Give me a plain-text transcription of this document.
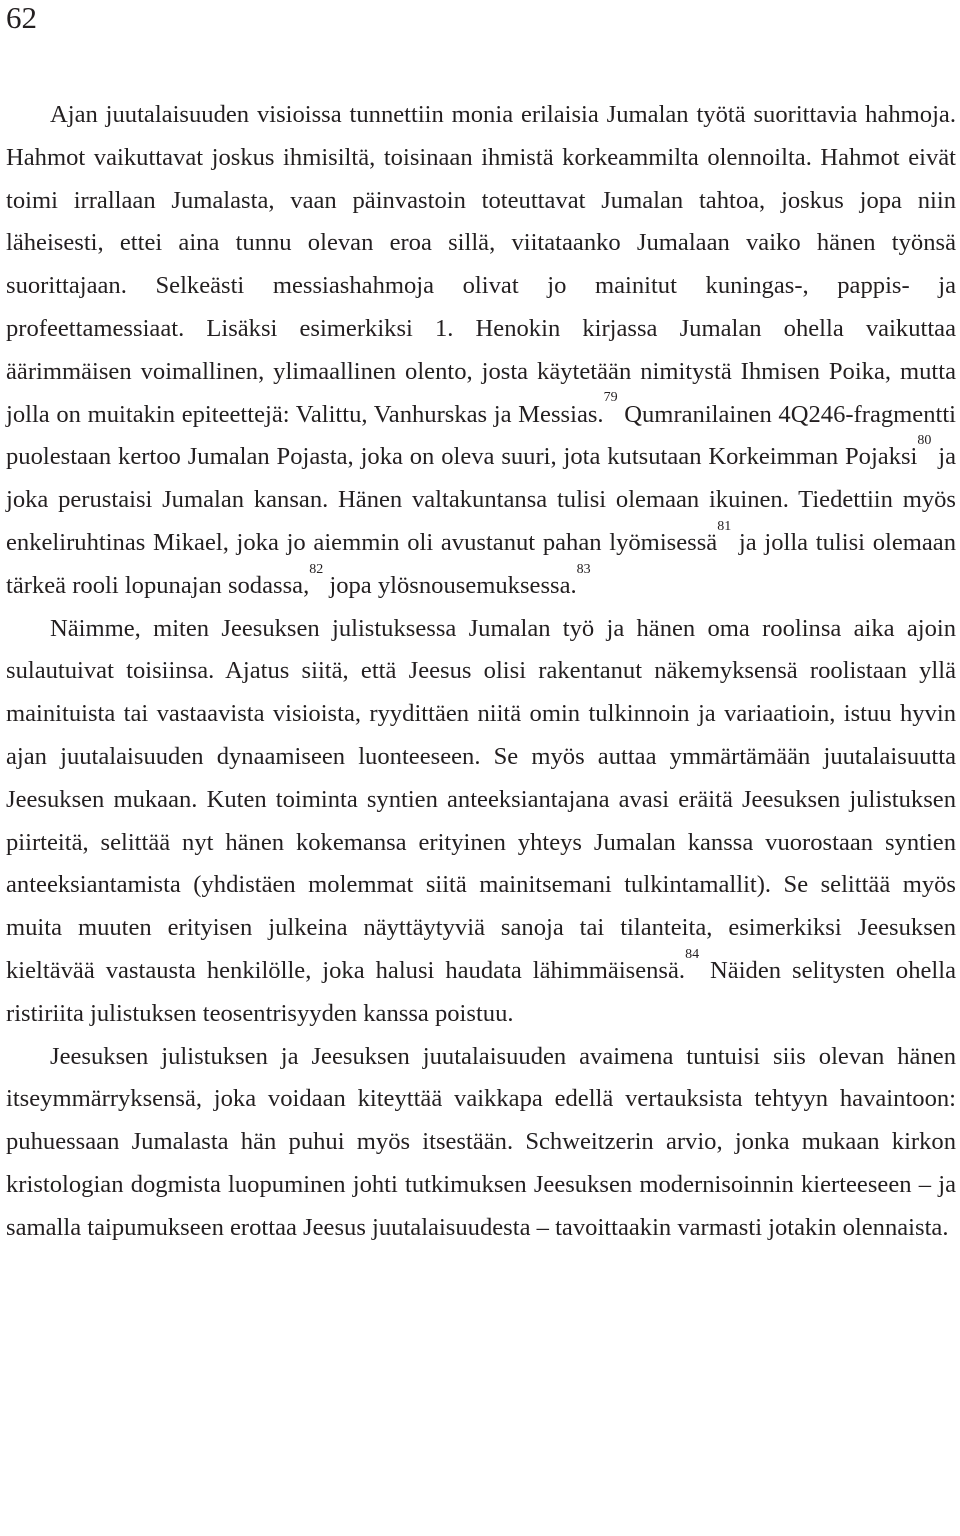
62

Ajan juutalaisuuden visioissa tunnettiin monia erilaisia Jumalan työtä suorittavia hahmoja. Hahmot vaikuttavat joskus ihmisiltä, toisinaan ihmistä korkeammilta olennoilta. Hahmot eivät toimi irrallaan Jumalasta, vaan päinvastoin toteuttavat Jumalan tahtoa, joskus jopa niin läheisesti, ettei aina tunnu olevan eroa sillä, viitataanko Jumalaan vaiko hänen työnsä suorittajaan. Selkeästi messiashahmoja olivat jo mainitut kuningas-, pappis- ja profeettamessiaat. Lisäksi esimerkiksi 1. Henokin kirjassa Jumalan ohella vaikuttaa äärimmäisen voimallinen, ylimaallinen olento, josta käytetään nimitystä Ihmisen Poika, mutta jolla on muitakin epiteettejä: Valittu, Vanhurskas ja Messias.$^{79}$ Qumranilainen 4Q246-fragmentti puolestaan kertoo Jumalan Pojasta, joka on oleva suuri, jota kutsutaan Korkeimman Pojaksi$^{80}$ ja joka perustaisi Jumalan kansan. Hänen valtakuntansa tulisi olemaan ikuinen. Tiedettiin myös enkeliruhtinas Mikael, joka jo aiemmin oli avustanut pahan lyömisessä$^{81}$ ja jolla tulisi olemaan tärkeä rooli lopunajan sodassa,$^{82}$ jopa ylösnousemuksessa.$^{83}$

Näimme, miten Jeesuksen julistuksessa Jumalan työ ja hänen oma roolinsa aika ajoin sulautuivat toisiinsa. Ajatus siitä, että Jeesus olisi rakentanut näkemyksensä roolistaan yllä mainituista tai vastaavista visioista, ryydittäen niitä omin tulkinnoin ja variaatioin, istuu hyvin ajan juutalaisuuden dynaamiseen luonteeseen. Se myös auttaa ymmärtämään juutalaisuutta Jeesuksen mukaan. Kuten toiminta syntien anteeksiantajana avasi eräitä Jeesuksen julistuksen piirteitä, selittää nyt hänen kokemansa erityinen yhteys Jumalan kanssa vuorostaan syntien anteeksiantamista (yhdistäen molemmat siitä mainitsemani tulkintamallit). Se selittää myös muita muuten erityisen julkeina näyttäytyviä sanoja tai tilanteita, esimerkiksi Jeesuksen kieltävää vastausta henkilölle, joka halusi haudata lähimmäisensä.$^{84}$ Näiden selitysten ohella ristiriita julistuksen teosentrisyyden kanssa poistuu.

Jeesuksen julistuksen ja Jeesuksen juutalaisuuden avaimena tuntuisi siis olevan hänen itseymmärryksensä, joka voidaan kiteyttää vaikkapa edellä vertauksista tehtyyn havaintoon: puhuessaan Jumalasta hän puhui myös itsestään. Schweitzerin arvio, jonka mukaan kirkon kristologian dogmista luopuminen johti tutkimuksen Jeesuksen modernisoinnin kierteeseen – ja samalla taipumukseen erottaa Jeesus juutalaisuudesta – tavoittaakin varmasti jotakin olennaista.
